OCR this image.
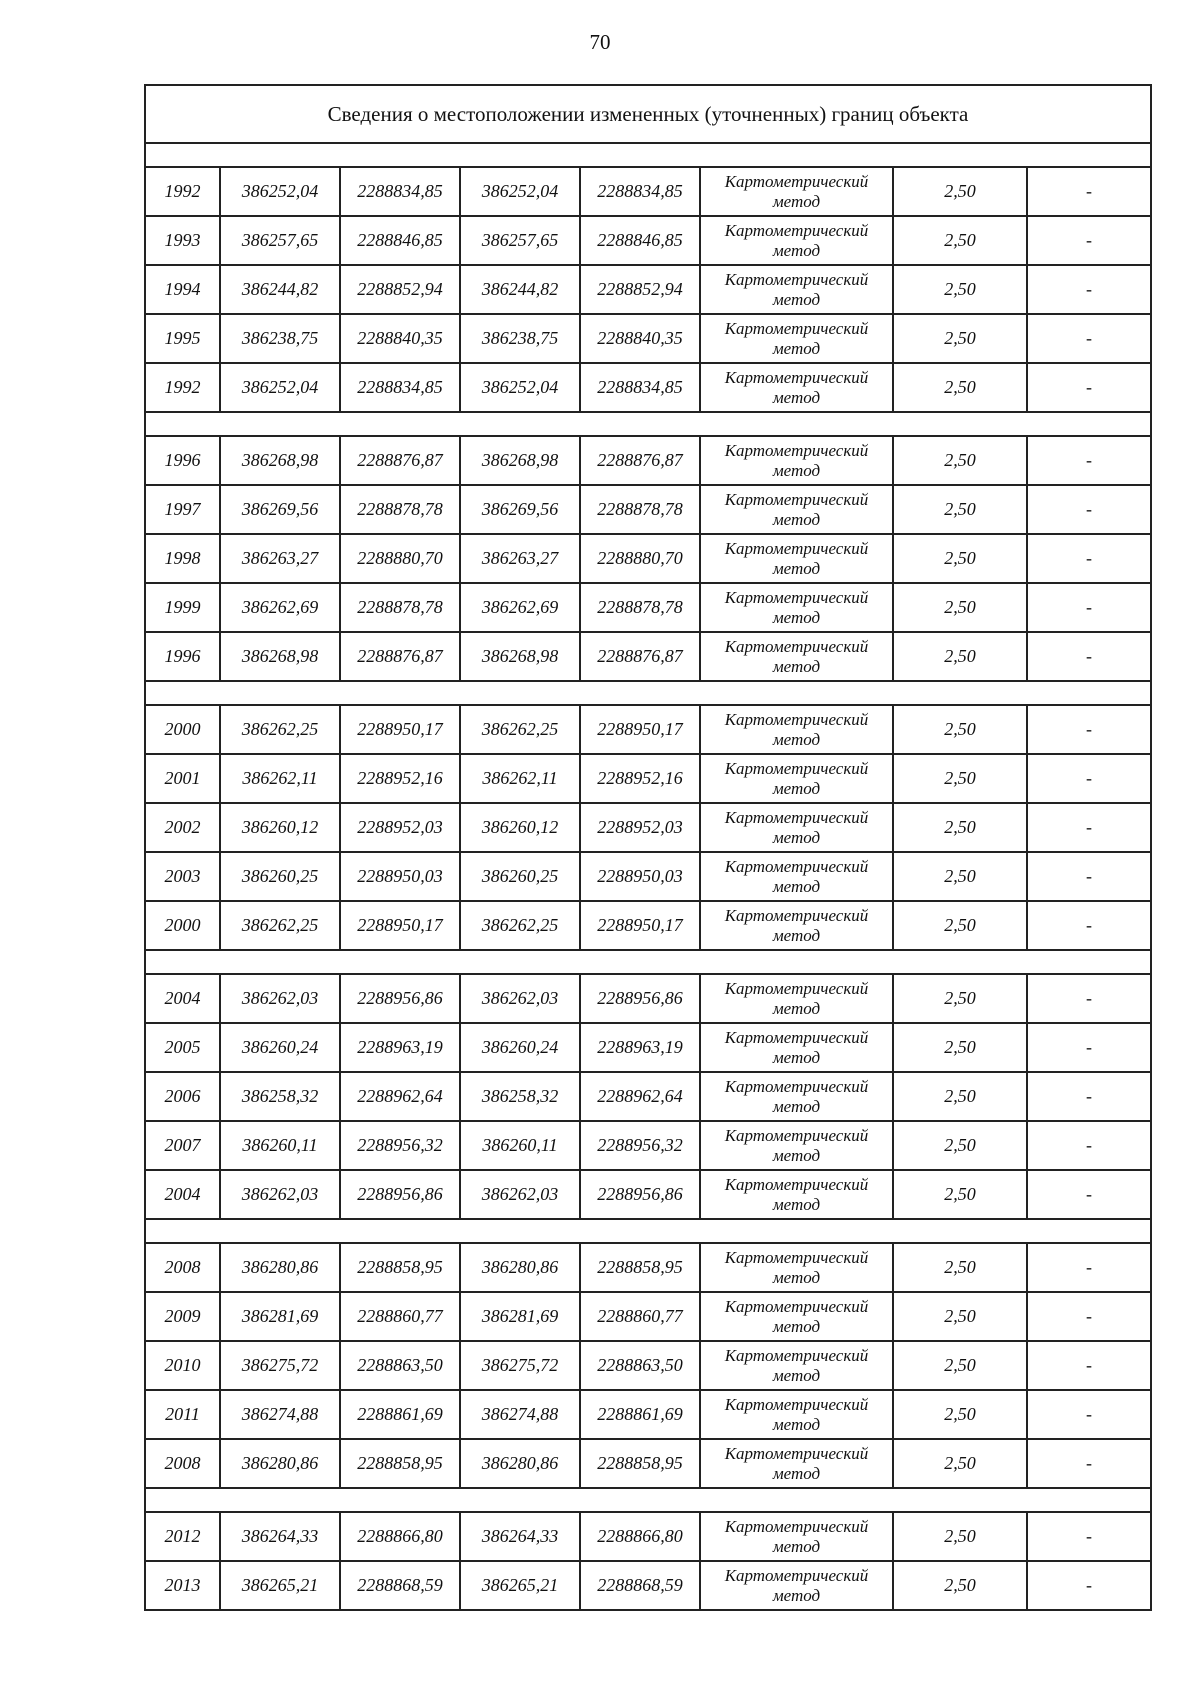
70
Сведения о местоположении измененных (уточненных) границ объекта							

1992	386252,04	2288834,85	386252,04	2288834,85	Картометрический
метод	2,50	-
1993	386257,65	2288846,85	386257,65	2288846,85	Картометрический
метод	2,50	-
1994	386244,82	2288852,94	386244,82	2288852,94	Картометрический
метод	2,50	-
1995	386238,75	2288840,35	386238,75	2288840,35	Картометрический
метод	2,50	-
1992	386252,04	2288834,85	386252,04	2288834,85	Картометрический
метод	2,50	-

1996	386268,98	2288876,87	386268,98	2288876,87	Картометрический
метод	2,50	-
1997	386269,56	2288878,78	386269,56	2288878,78	Картометрический
метод	2,50	-
1998	386263,27	2288880,70	386263,27	2288880,70	Картометрический
метод	2,50	-
1999	386262,69	2288878,78	386262,69	2288878,78	Картометрический
метод	2,50	-
1996	386268,98	2288876,87	386268,98	2288876,87	Картометрический
метод	2,50	-

2000	386262,25	2288950,17	386262,25	2288950,17	Картометрический
метод	2,50	-
2001	386262,11	2288952,16	386262,11	2288952,16	Картометрический
метод	2,50	-
2002	386260,12	2288952,03	386260,12	2288952,03	Картометрический
метод	2,50	-
2003	386260,25	2288950,03	386260,25	2288950,03	Картометрический
метод	2,50	-
2000	386262,25	2288950,17	386262,25	2288950,17	Картометрический
метод	2,50	-

2004	386262,03	2288956,86	386262,03	2288956,86	Картометрический
метод	2,50	-
2005	386260,24	2288963,19	386260,24	2288963,19	Картометрический
метод	2,50	-
2006	386258,32	2288962,64	386258,32	2288962,64	Картометрический
метод	2,50	-
2007	386260,11	2288956,32	386260,11	2288956,32	Картометрический
метод	2,50	-
2004	386262,03	2288956,86	386262,03	2288956,86	Картометрический
метод	2,50	-

2008	386280,86	2288858,95	386280,86	2288858,95	Картометрический
метод	2,50	-
2009	386281,69	2288860,77	386281,69	2288860,77	Картометрический
метод	2,50	-
2010	386275,72	2288863,50	386275,72	2288863,50	Картометрический
метод	2,50	-
2011	386274,88	2288861,69	386274,88	2288861,69	Картометрический
метод	2,50	-
2008	386280,86	2288858,95	386280,86	2288858,95	Картометрический
метод	2,50	-

2012	386264,33	2288866,80	386264,33	2288866,80	Картометрический
метод	2,50	-
2013	386265,21	2288868,59	386265,21	2288868,59	Картометрический
метод	2,50	-
